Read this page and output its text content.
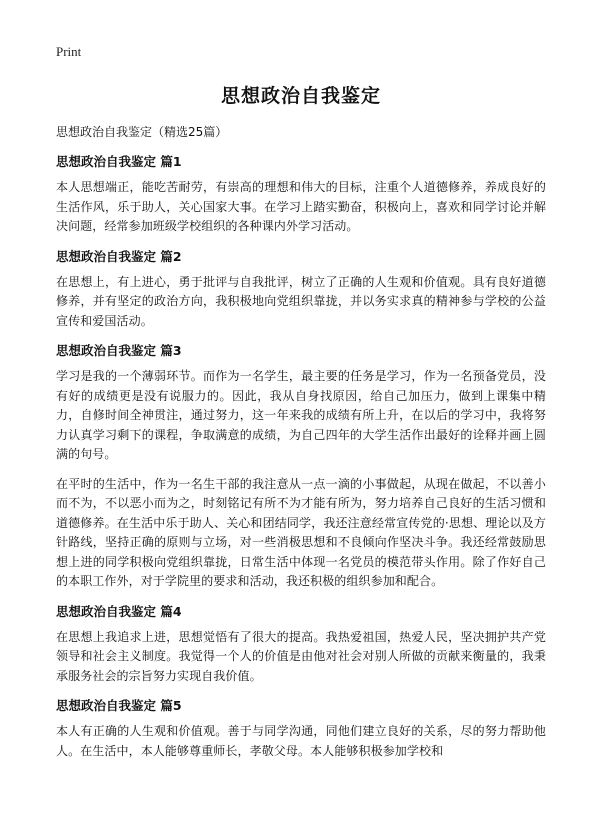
Print
思想政治自我鉴定
思想政治自我鉴定（精选25篇）
思想政治自我鉴定 篇1
本人思想端正，能吃苦耐劳，有崇高的理想和伟大的目标，注重个人道德修养，养成良好的生活作风，乐于助人，关心国家大事。在学习上踏实勤奋，积极向上，喜欢和同学讨论并解决问题，经常参加班级学校组织的各种课内外学习活动。
思想政治自我鉴定 篇2
在思想上，有上进心，勇于批评与自我批评，树立了正确的人生观和价值观。具有良好道德修养，并有坚定的政治方向，我积极地向党组织靠拢，并以务实求真的精神参与学校的公益宣传和爱国活动。
思想政治自我鉴定 篇3
学习是我的一个薄弱环节。而作为一名学生，最主要的任务是学习，作为一名预备党员，没有好的成绩更是没有说服力的。因此，我从自身找原因，给自己加压力，做到上课集中精力，自修时间全神贯注，通过努力，这一年来我的成绩有所上升，在以后的学习中，我将努力认真学习剩下的课程，争取满意的成绩，为自己四年的大学生活作出最好的诠释并画上圆满的句号。
在平时的生活中，作为一名生干部的我注意从一点一滴的小事做起，从现在做起，不以善小而不为，不以恶小而为之，时刻铭记有所不为才能有所为，努力培养自己良好的生活习惯和道德修养。在生活中乐于助人、关心和团结同学，我还注意经常宣传党的·思想、理论以及方针路线，坚持正确的原则与立场，对一些消极思想和不良倾向作坚决斗争。我还经常鼓励思想上进的同学积极向党组织靠拢，日常生活中体现一名党员的模范带头作用。除了作好自己的本职工作外，对于学院里的要求和活动，我还积极的组织参加和配合。
思想政治自我鉴定 篇4
在思想上我追求上进，思想觉悟有了很大的提高。我热爱祖国，热爱人民，坚决拥护共产党领导和社会主义制度。我觉得一个人的价值是由他对社会对别人所做的贡献来衡量的，我秉承服务社会的宗旨努力实现自我价值。
思想政治自我鉴定 篇5
本人有正确的人生观和价值观。善于与同学沟通，同他们建立良好的关系，尽的努力帮助他人。在生活中，本人能够尊重师长，孝敬父母。本人能够积极参加学校和
